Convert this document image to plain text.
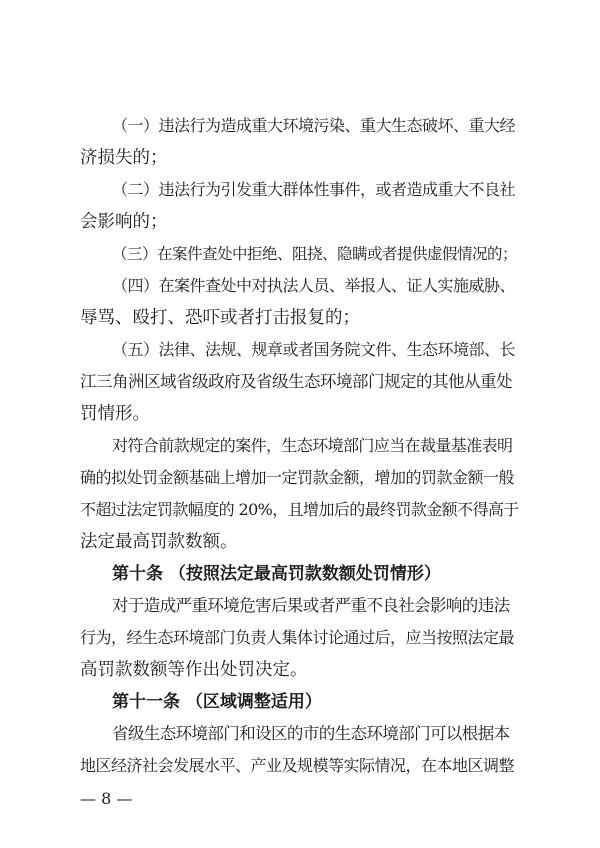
（一）违法行为造成重大环境污染、重大生态破坏、重大经
济损失的；
（二）违法行为引发重大群体性事件，或者造成重大不良社
会影响的；
（三）在案件查处中拒绝、阻挠、隐瞒或者提供虚假情况的；
（四）在案件查处中对执法人员、举报人、证人实施威胁、
辱骂、殴打、恐吓或者打击报复的；
（五）法律、法规、规章或者国务院文件、生态环境部、长
江三角洲区域省级政府及省级生态环境部门规定的其他从重处
罚情形。
对符合前款规定的案件，生态环境部门应当在裁量基准表明
确的拟处罚金额基础上增加一定罚款金额，增加的罚款金额一般
不超过法定罚款幅度的 20%，且增加后的最终罚款金额不得高于
法定最高罚款数额。
第十条 （按照法定最高罚款数额处罚情形）
对于造成严重环境危害后果或者严重不良社会影响的违法
行为，经生态环境部门负责人集体讨论通过后，应当按照法定最
高罚款数额等作出处罚决定。
第十一条 （区域调整适用）
省级生态环境部门和设区的市的生态环境部门可以根据本
地区经济社会发展水平、产业及规模等实际情况，在本地区调整
— 8 —
